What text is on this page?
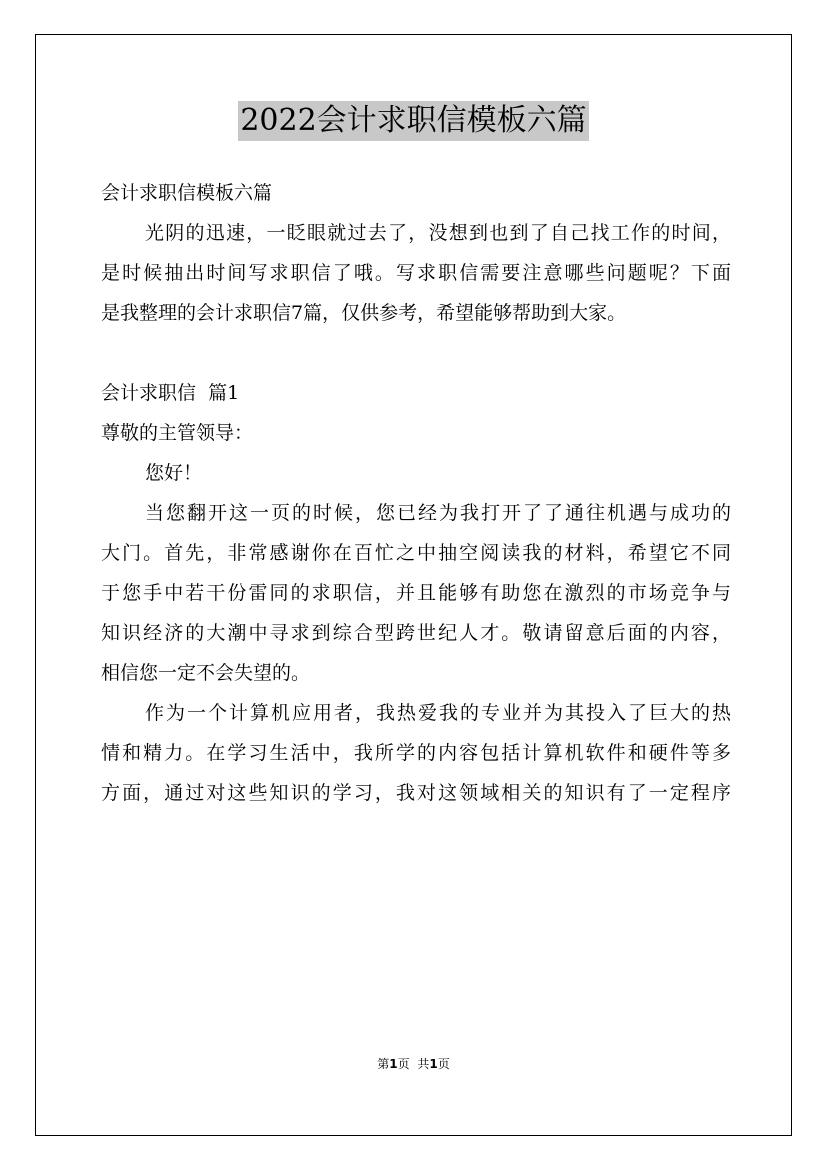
2022会计求职信模板六篇
会计求职信模板六篇
光阴的迅速，一眨眼就过去了，没想到也到了自己找工作的时间，
是时候抽出时间写求职信了哦。写求职信需要注意哪些问题呢？下面
是我整理的会计求职信7篇，仅供参考，希望能够帮助到大家。
会计求职信  篇1
尊敬的主管领导：
您好！
当您翻开这一页的时候，您已经为我打开了了通往机遇与成功的
大门。首先，非常感谢你在百忙之中抽空阅读我的材料，希望它不同
于您手中若干份雷同的求职信，并且能够有助您在激烈的市场竞争与
知识经济的大潮中寻求到综合型跨世纪人才。敬请留意后面的内容，
相信您一定不会失望的。
作为一个计算机应用者，我热爱我的专业并为其投入了巨大的热
情和精力。在学习生活中，我所学的内容包括计算机软件和硬件等多
方面，通过对这些知识的学习，我对这领域相关的知识有了一定程序
第1页 共1页
